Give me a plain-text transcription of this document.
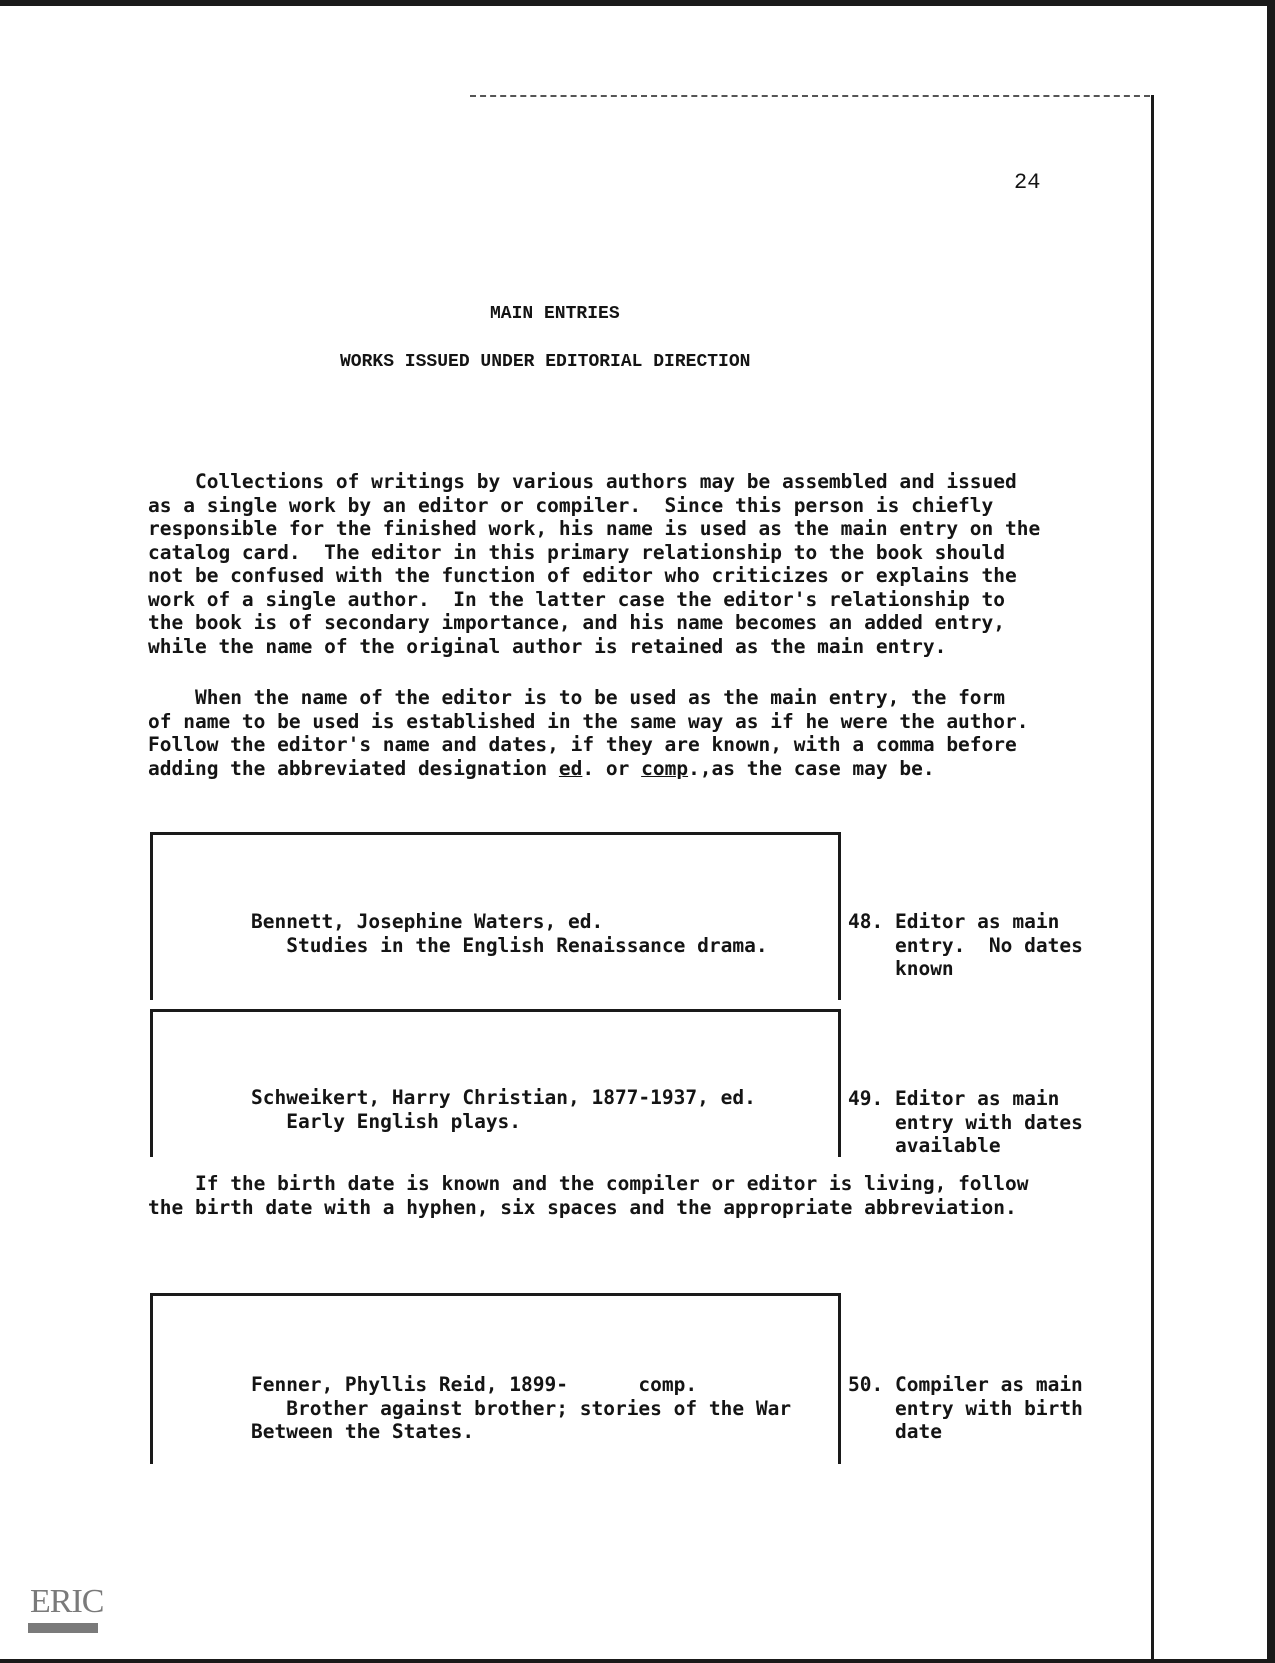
24
MAIN ENTRIES
WORKS ISSUED UNDER EDITORIAL DIRECTION
Collections of writings by various authors may be assembled and issued
as a single work by an editor or compiler.  Since this person is chiefly
responsible for the finished work, his name is used as the main entry on the
catalog card.  The editor in this primary relationship to the book should
not be confused with the function of editor who criticizes or explains the
work of a single author.  In the latter case the editor's relationship to
the book is of secondary importance, and his name becomes an added entry,
while the name of the original author is retained as the main entry.
When the name of the editor is to be used as the main entry, the form
of name to be used is established in the same way as if he were the author.
Follow the editor's name and dates, if they are known, with a comma before
adding the abbreviated designation ed. or comp.,as the case may be.
Bennett, Josephine Waters, ed.
Studies in the English Renaissance drama.
48. Editor as main
entry.  No dates
known
Schweikert, Harry Christian, 1877-1937, ed.
Early English plays.
49. Editor as main
entry with dates
available
If the birth date is known and the compiler or editor is living, follow
the birth date with a hyphen, six spaces and the appropriate abbreviation.
Fenner, Phyllis Reid, 1899-      comp.
Brother against brother; stories of the War
Between the States.
50. Compiler as main
entry with birth
date
ERIC
